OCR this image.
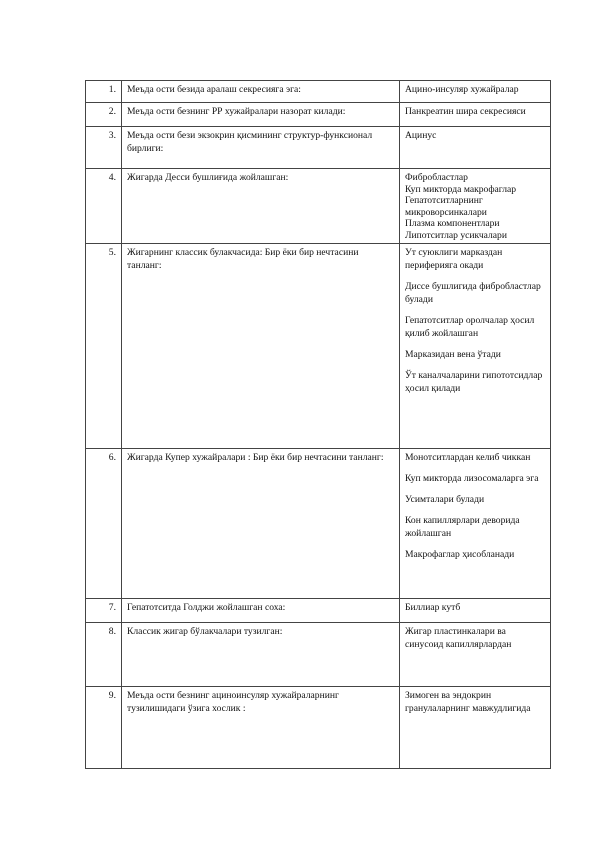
1.	Меъда ости безида аралаш секресияга эга:	Ацино-инсуляр хужайралар

2.	Меъда ости безнинг РР хужайралари назорат килади:	Панкреатин шира секресияси

3.	Меъда ости бези экзокрин қисмининг структур-функсионал бирлиги:	Ацинус

4.	Жигарда Десси бушлиғида жойлашган:	Фибробластлар
Куп микторда макрофаглар
Гепатотситларнинг микроворсинкалари
Плазма компонентлари
Липотситлар усикчалари

5.	Жигарнинг классик булакчасида: Бир ёки бир нечтасини танланг:	Ут суюклиги марказдан периферияга окади
Диссе бушлигида фибробластлар булади
Гепатотситлар оролчалар ҳосил қилиб жойлашган
Марказидан вена ўтади
Ўт каналчаларини гипототсидлар ҳосил қилади

6.	Жигарда Купер хужайралари : Бир ёки бир нечтасини танланг:	Монотситлардан келиб чиккан
Куп микторда лизосомаларга эга
Усимталари булади
Кон капиллярлари деворида жойлашган
Макрофаглар ҳисобланади

7.	Гепатотситда Голджи жойлашган соха:	Биллиар кутб

8.	Классик жигар бўлакчалари тузилган:	Жигар пластинкалари ва синусоид капиллярлардан

9.	Меъда ости безнинг ациноинсуляр хужайраларнинг тузилишидаги ўзига хослик :	Зимоген ва эндокрин гранулаларнинг мавжудлигида
